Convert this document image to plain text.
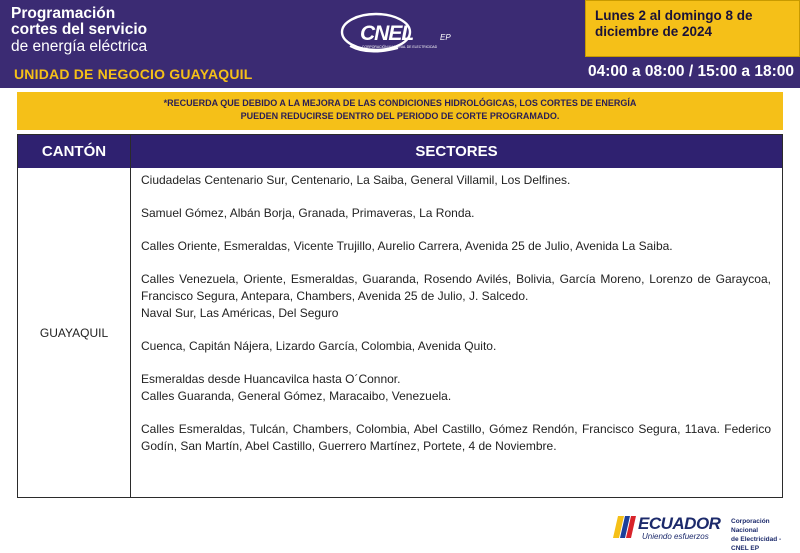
Programación
cortes del servicio
de energía eléctrica
UNIDAD DE NEGOCIO GUAYAQUIL
CNEL	EP
CORPORACIÓN NACIONAL DE ELECTRICIDAD
Lunes 2 al domingo 8 de
diciembre de 2024
04:00 a 08:00 / 15:00 a 18:00
*RECUERDA QUE DEBIDO A LA MEJORA DE LAS CONDICIONES HIDROLÓGICAS, LOS CORTES DE ENERGÍA
PUEDEN REDUCIRSE DENTRO DEL PERIODO DE CORTE PROGRAMADO.
CANTÓN	SECTORES
GUAYAQUIL

Ciudadelas Centenario Sur, Centenario, La Saiba, General Villamil, Los Delfines.

Samuel Gómez, Albán Borja, Granada, Primaveras, La Ronda.

Calles Oriente, Esmeraldas, Vicente Trujillo, Aurelio Carrera, Avenida 25 de Julio, Avenida La Saiba.

Calles Venezuela, Oriente, Esmeraldas, Guaranda, Rosendo Avilés, Bolivia, García Moreno, Lorenzo de Garaycoa, Francisco Segura, Antepara, Chambers, Avenida 25 de Julio, J. Salcedo.
Naval Sur, Las Américas, Del Seguro

Cuenca, Capitán Nájera, Lizardo García, Colombia, Avenida Quito.

Esmeraldas desde Huancavilca hasta O´Connor.
Calles Guaranda, General Gómez, Maracaibo, Venezuela.

Calles Esmeraldas, Tulcán, Chambers, Colombia, Abel Castillo, Gómez Rendón, Francisco Segura, 11ava. Federico Godín, San Martín, Abel Castillo, Guerrero Martínez, Portete, 4 de Noviembre.

ECUADOR
Uniendo esfuerzos
Corporación Nacional
de Electricidad - CNEL EP
